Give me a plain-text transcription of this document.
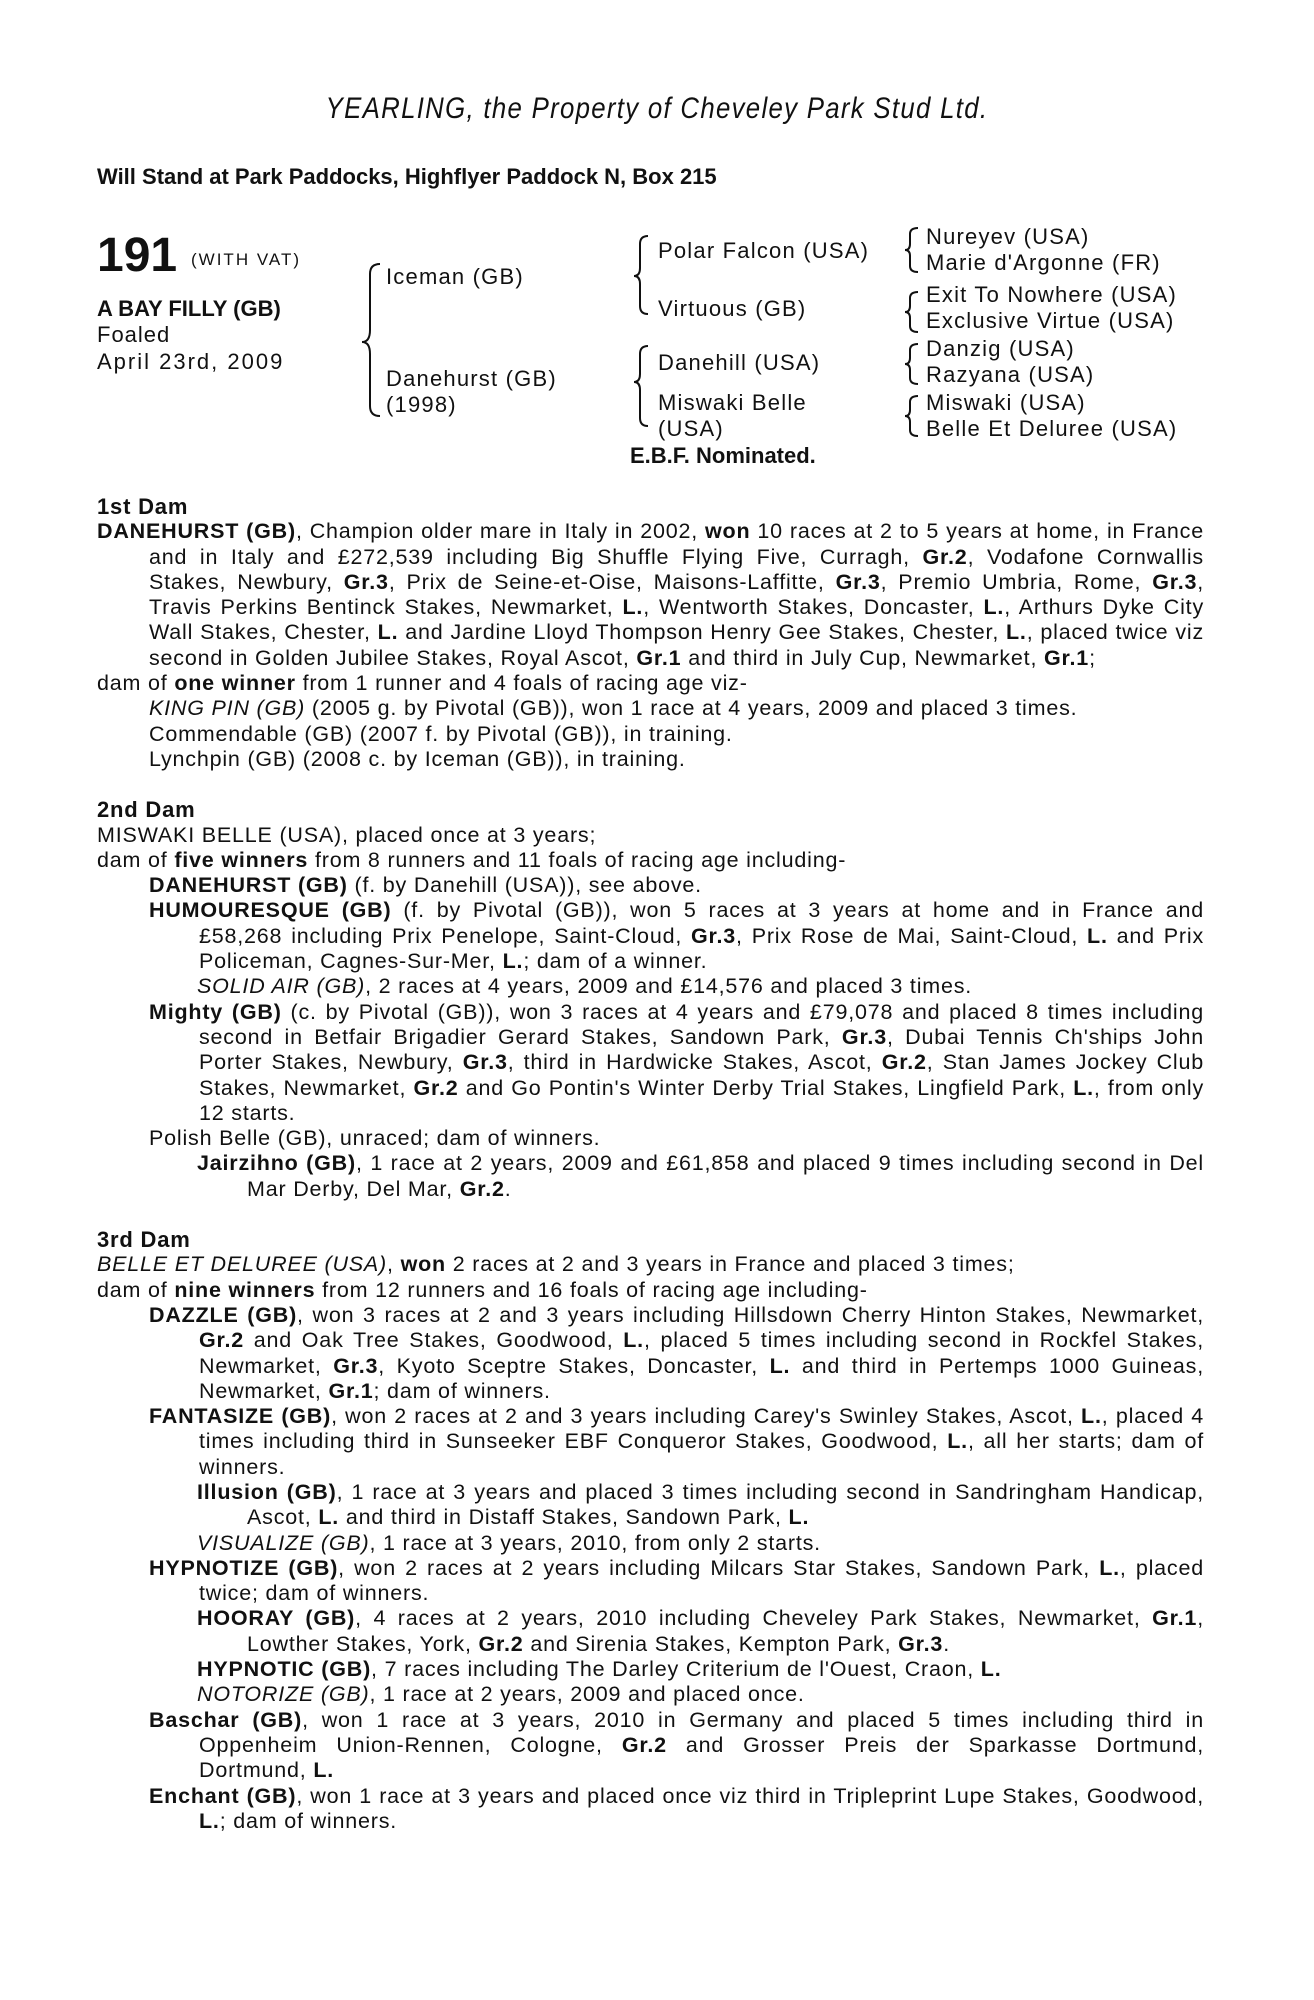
YEARLING, the Property of Cheveley Park Stud Ltd.
Will Stand at Park Paddocks, Highflyer Paddock N, Box 215
191 (WITH VAT)
A BAY FILLY (GB)
Foaled
April 23rd, 2009
Iceman (GB)
Danehurst (GB)
(1998)
Polar Falcon (USA)
Virtuous (GB)
Danehill (USA)
Miswaki Belle
(USA)
Nureyev (USA)
Marie d'Argonne (FR)
Exit To Nowhere (USA)
Exclusive Virtue (USA)
Danzig (USA)
Razyana (USA)
Miswaki (USA)
Belle Et Deluree (USA)
E.B.F. Nominated.
1st Dam
DANEHURST (GB), Champion older mare in Italy in 2002, won 10 races at 2 to 5 years at home, in France and in Italy and £272,539 including Big Shuffle Flying Five, Curragh, Gr.2, Vodafone Cornwallis Stakes, Newbury, Gr.3, Prix de Seine-et-Oise, Maisons-Laffitte, Gr.3, Premio Umbria, Rome, Gr.3, Travis Perkins Bentinck Stakes, Newmarket, L., Wentworth Stakes, Doncaster, L., Arthurs Dyke City Wall Stakes, Chester, L. and Jardine Lloyd Thompson Henry Gee Stakes, Chester, L., placed twice viz second in Golden Jubilee Stakes, Royal Ascot, Gr.1 and third in July Cup, Newmarket, Gr.1;
dam of one winner from 1 runner and 4 foals of racing age viz-
KING PIN (GB) (2005 g. by Pivotal (GB)), won 1 race at 4 years, 2009 and placed 3 times.
Commendable (GB) (2007 f. by Pivotal (GB)), in training.
Lynchpin (GB) (2008 c. by Iceman (GB)), in training.
2nd Dam
MISWAKI BELLE (USA), placed once at 3 years;
dam of five winners from 8 runners and 11 foals of racing age including-
DANEHURST (GB) (f. by Danehill (USA)), see above.
HUMOURESQUE (GB) (f. by Pivotal (GB)), won 5 races at 3 years at home and in France and £58,268 including Prix Penelope, Saint-Cloud, Gr.3, Prix Rose de Mai, Saint-Cloud, L. and Prix Policeman, Cagnes-Sur-Mer, L.; dam of a winner.
SOLID AIR (GB), 2 races at 4 years, 2009 and £14,576 and placed 3 times.
Mighty (GB) (c. by Pivotal (GB)), won 3 races at 4 years and £79,078 and placed 8 times including second in Betfair Brigadier Gerard Stakes, Sandown Park, Gr.3, Dubai Tennis Ch'ships John Porter Stakes, Newbury, Gr.3, third in Hardwicke Stakes, Ascot, Gr.2, Stan James Jockey Club Stakes, Newmarket, Gr.2 and Go Pontin's Winter Derby Trial Stakes, Lingfield Park, L., from only 12 starts.
Polish Belle (GB), unraced; dam of winners.
Jairzihno (GB), 1 race at 2 years, 2009 and £61,858 and placed 9 times including second in Del Mar Derby, Del Mar, Gr.2.
3rd Dam
BELLE ET DELUREE (USA), won 2 races at 2 and 3 years in France and placed 3 times;
dam of nine winners from 12 runners and 16 foals of racing age including-
DAZZLE (GB), won 3 races at 2 and 3 years including Hillsdown Cherry Hinton Stakes, Newmarket, Gr.2 and Oak Tree Stakes, Goodwood, L., placed 5 times including second in Rockfel Stakes, Newmarket, Gr.3, Kyoto Sceptre Stakes, Doncaster, L. and third in Pertemps 1000 Guineas, Newmarket, Gr.1; dam of winners.
FANTASIZE (GB), won 2 races at 2 and 3 years including Carey's Swinley Stakes, Ascot, L., placed 4 times including third in Sunseeker EBF Conqueror Stakes, Goodwood, L., all her starts; dam of winners.
Illusion (GB), 1 race at 3 years and placed 3 times including second in Sandringham Handicap, Ascot, L. and third in Distaff Stakes, Sandown Park, L.
VISUALIZE (GB), 1 race at 3 years, 2010, from only 2 starts.
HYPNOTIZE (GB), won 2 races at 2 years including Milcars Star Stakes, Sandown Park, L., placed twice; dam of winners.
HOORAY (GB), 4 races at 2 years, 2010 including Cheveley Park Stakes, Newmarket, Gr.1, Lowther Stakes, York, Gr.2 and Sirenia Stakes, Kempton Park, Gr.3.
HYPNOTIC (GB), 7 races including The Darley Criterium de l'Ouest, Craon, L.
NOTORIZE (GB), 1 race at 2 years, 2009 and placed once.
Baschar (GB), won 1 race at 3 years, 2010 in Germany and placed 5 times including third in Oppenheim Union-Rennen, Cologne, Gr.2 and Grosser Preis der Sparkasse Dortmund, Dortmund, L.
Enchant (GB), won 1 race at 3 years and placed once viz third in Tripleprint Lupe Stakes, Goodwood, L.; dam of winners.
